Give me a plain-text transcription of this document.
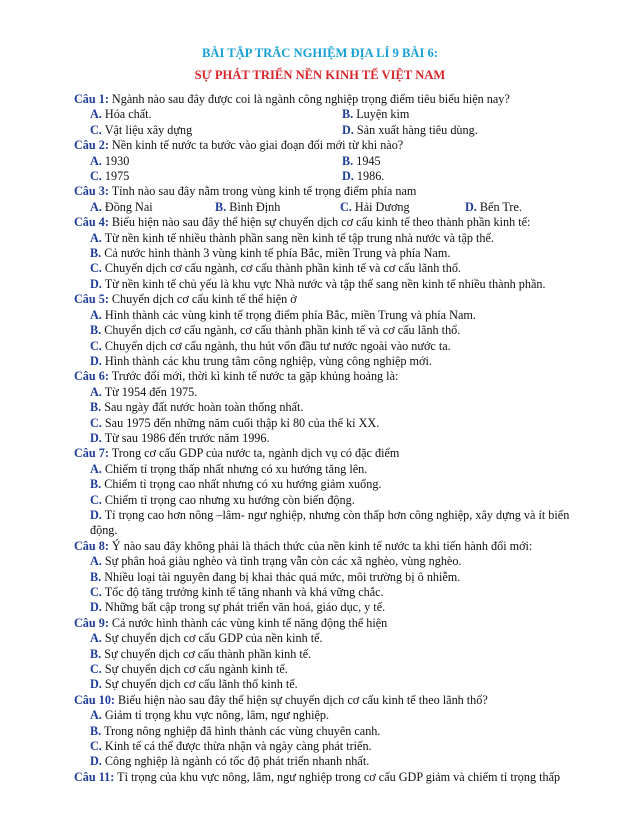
BÀI TẬP TRẮC NGHIỆM ĐỊA LÍ 9 BÀI 6:

SỰ PHÁT TRIỂN NỀN KINH TẾ VIỆT NAM

Câu 1: Ngành nào sau đây được coi là ngành công nghiệp trọng điểm tiêu biểu hiện nay?

A. Hóa chất.	B. Luyện kim
C. Vật liệu xây dựng	D. Sản xuất hàng tiêu dùng.

Câu 2: Nền kinh tế nước ta bước vào giai đoạn đổi mới từ khi nào?

A. 1930	B. 1945
C. 1975	D. 1986.

Câu 3: Tỉnh nào sau đây nằm trong vùng kinh tế trọng điểm phía nam

A. Đồng Nai	B. Bình Định	C. Hải Dương	D. Bến Tre.

Câu 4: Biểu hiện nào sau đây thể hiện sự chuyển dịch cơ cấu kinh tế theo thành phần kinh tế:

A. Từ nền kinh tế nhiều thành phần sang nền kinh tế tập trung nhà nước và tập thể.
B. Cả nước hình thành 3 vùng kinh tế phía Bắc, miền Trung và phía Nam.
C. Chuyển dịch cơ cấu ngành, cơ cấu thành phần kinh tế và cơ cấu lãnh thổ.
D. Từ nền kinh tế chủ yếu là khu vực Nhà nước và tập thể sang nền kinh tế nhiều thành phần.

Câu 5: Chuyển dịch cơ cấu kinh tế thể hiện ở

A. Hình thành các vùng kinh tế trọng điểm phía Bắc, miền Trung và phía Nam.
B. Chuyển dịch cơ cấu ngành, cơ cấu thành phần kinh tế và cơ cấu lãnh thổ.
C. Chuyển dịch cơ cấu ngành, thu hút vốn đầu tư nước ngoài vào nước ta.
D. Hình thành các khu trung tâm công nghiệp, vùng công nghiệp mới.

Câu 6: Trước đổi mới, thời kì kinh tế nước ta gặp khủng hoảng là:

A. Từ 1954 đến 1975.
B. Sau ngày đất nước hoàn toàn thống nhất.
C. Sau 1975 đến những năm cuối thập kỉ 80 của thế kỉ XX.
D. Từ sau 1986 đến trước năm 1996.

Câu 7: Trong cơ cấu GDP của nước ta, ngành dịch vụ có đặc điểm

A. Chiếm tỉ trọng thấp nhất nhưng có xu hướng tăng lên.
B. Chiếm tỉ trọng cao nhất nhưng có xu hướng giảm xuống.
C. Chiếm tỉ trọng cao nhưng xu hướng còn biến động.
D. Tỉ trọng cao hơn nông –lâm- ngư nghiệp, nhưng còn thấp hơn công nghiệp, xây dựng và ít biến động.

Câu 8: Ý nào sau đây không phải là thách thức của nền kinh tế nước ta khi tiến hành đổi mới:

A. Sự phân hoá giàu nghèo và tình trạng vẫn còn các xã nghèo, vùng nghèo.
B. Nhiều loại tài nguyên đang bị khai thác quá mức, môi trường bị ô nhiễm.
C. Tốc độ tăng trưởng kinh tế tăng nhanh và khá vững chắc.
D. Những bất cập trong sự phát triển văn hoá, giáo dục, y tế.

Câu 9: Cả nước hình thành các vùng kinh tế năng động thể hiện

A. Sự chuyển dịch cơ cấu GDP của nền kinh tế.
B. Sự chuyển dịch cơ cấu thành phần kinh tế.
C. Sự chuyển dịch cơ cấu ngành kinh tế.
D. Sự chuyển dịch cơ cấu lãnh thổ kinh tế.

Câu 10: Biểu hiện nào sau đây thể hiện sự chuyển dịch cơ cấu kinh tế theo lãnh thổ?

A. Giảm tỉ trọng khu vực nông, lâm, ngư nghiệp.
B. Trong nông nghiệp đã hình thành các vùng chuyên canh.
C. Kinh tế cá thể được thừa nhận và ngày càng phát triển.
D. Công nghiệp là ngành có tốc độ phát triển nhanh nhất.

Câu 11: Tỉ trọng của khu vực nông, lâm, ngư nghiệp trong cơ cấu GDP giảm và chiếm tỉ trọng thấp
